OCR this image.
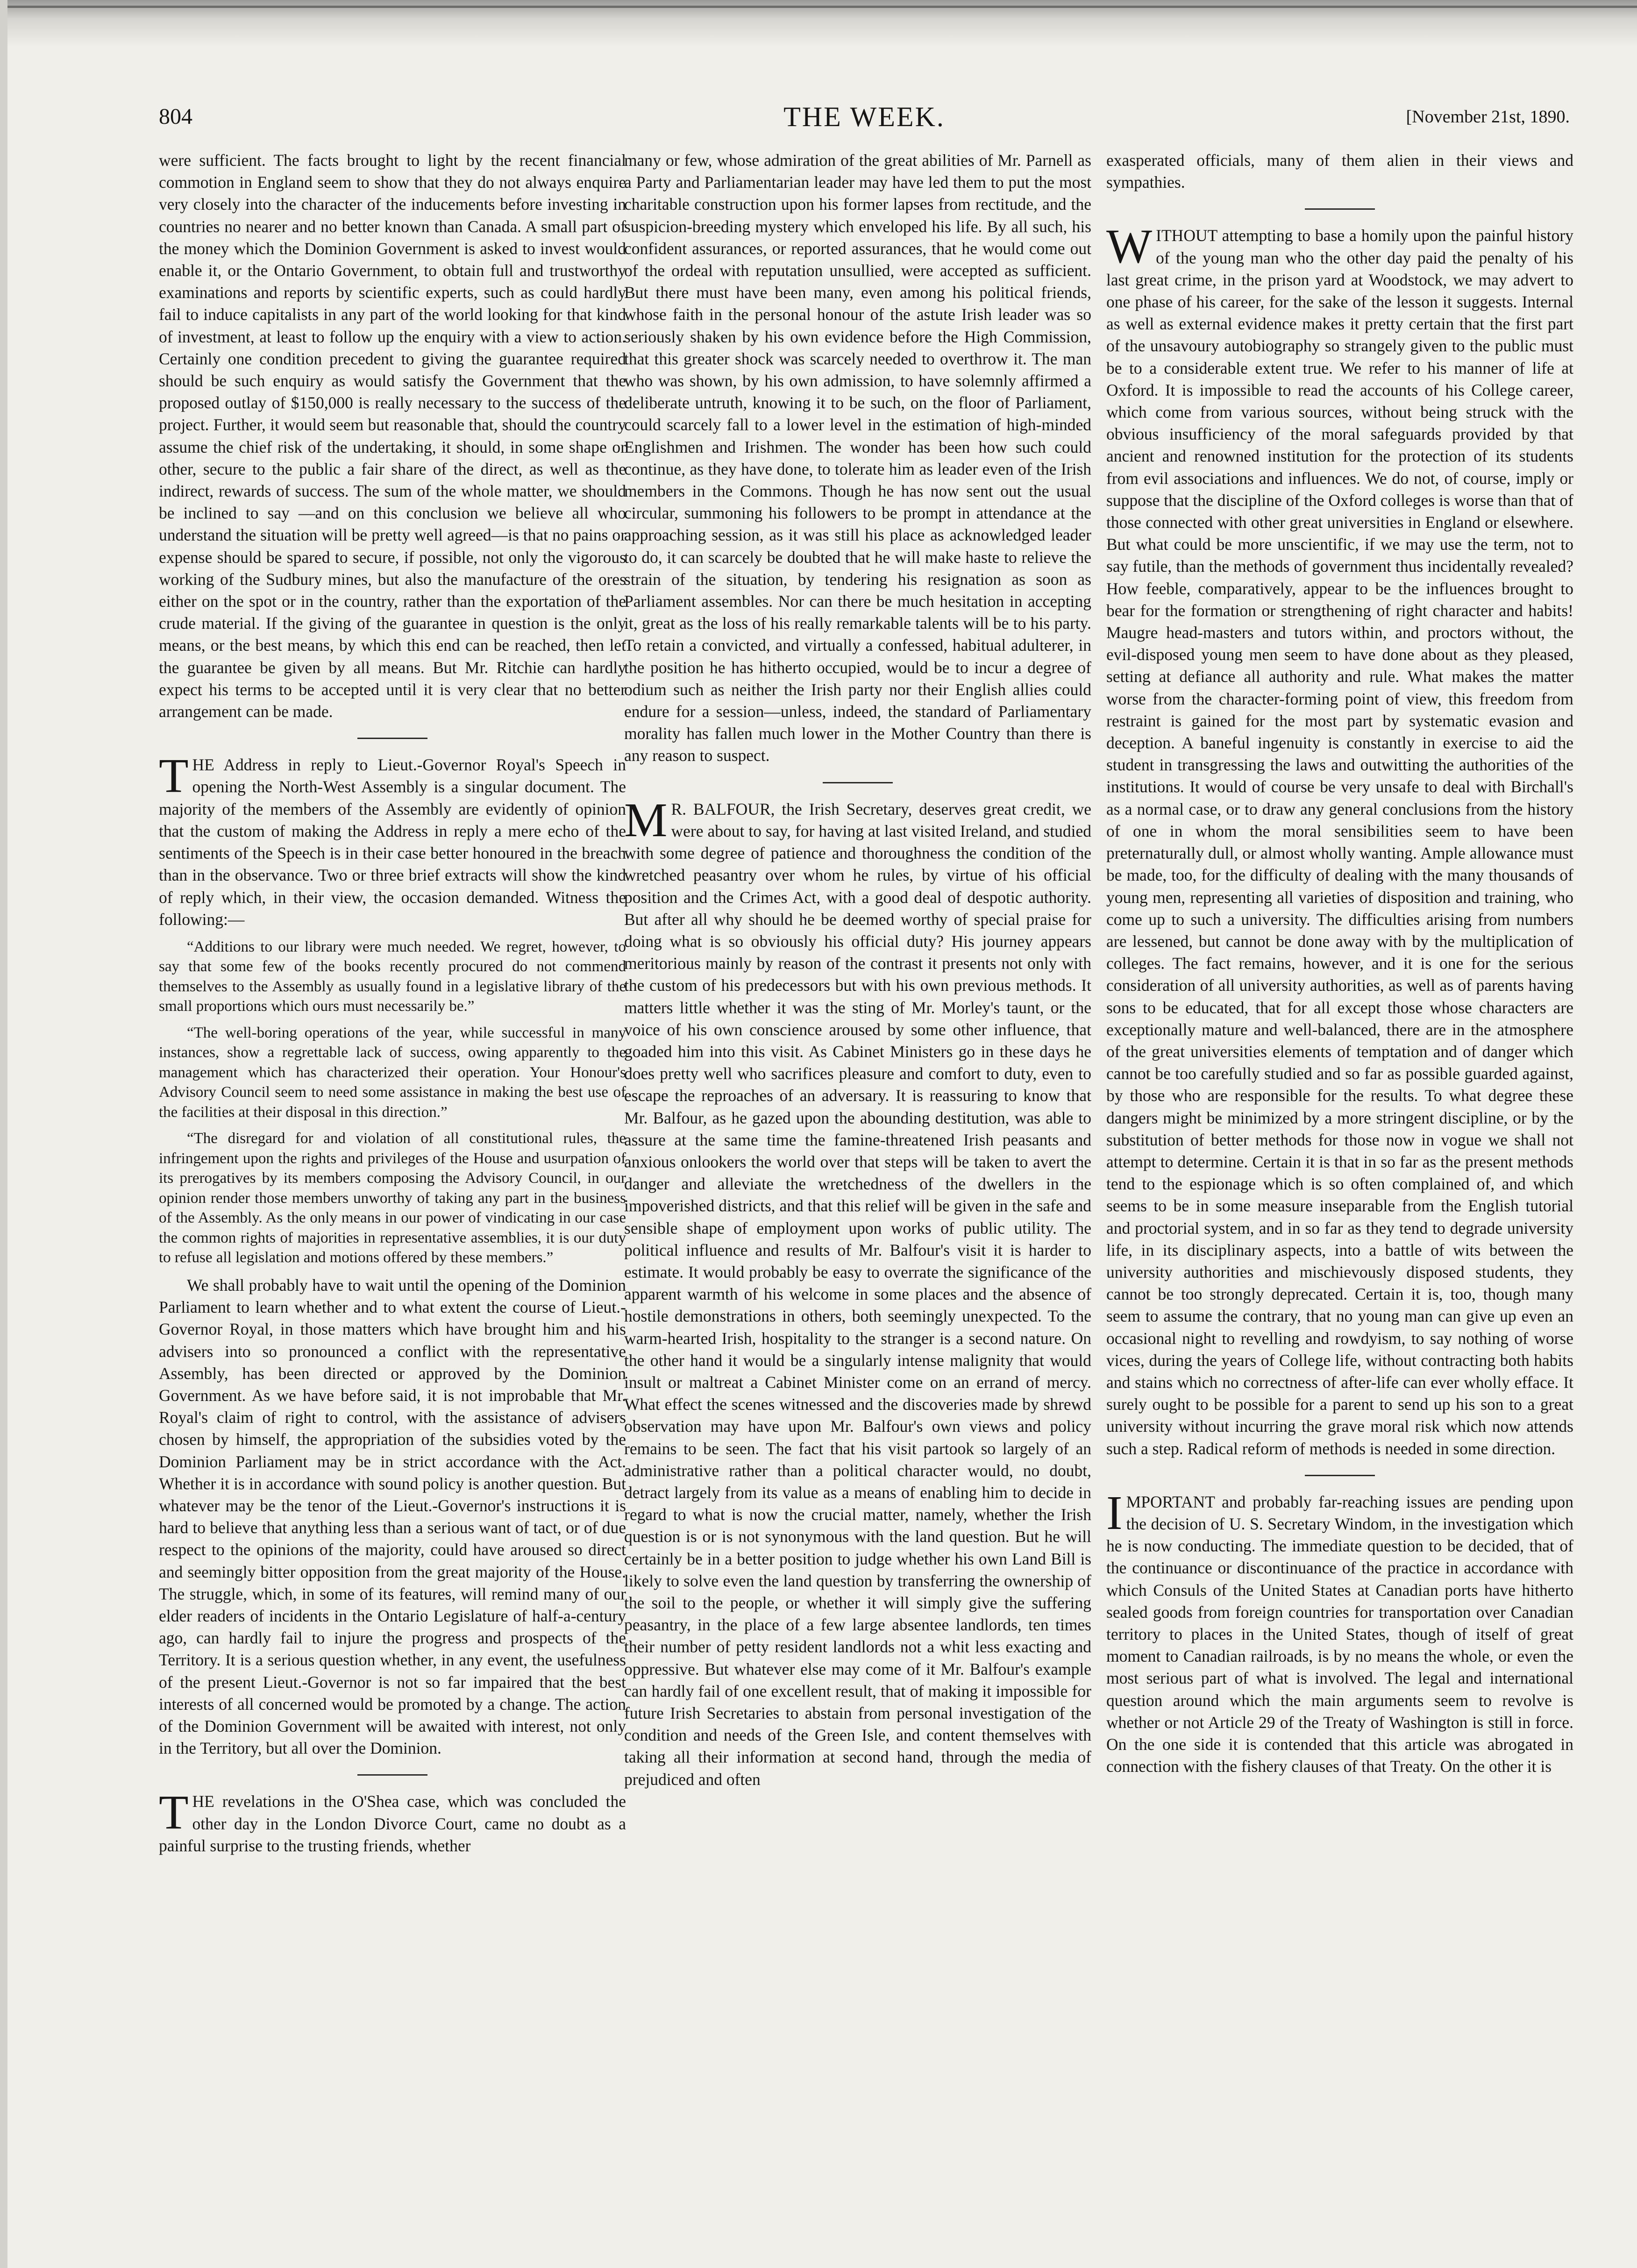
804	THE WEEK.	[November 21st, 1890.

were sufficient. The facts brought to light by the recent financial commotion in England seem to show that they do not always enquire very closely into the character of the inducements before investing in countries no nearer and no better known than Canada. A small part of the money which the Dominion Government is asked to invest would enable it, or the Ontario Government, to obtain full and trustworthy examinations and reports by scientific experts, such as could hardly fail to induce capitalists in any part of the world looking for that kind of investment, at least to follow up the enquiry with a view to action. Certainly one condition precedent to giving the guarantee required should be such enquiry as would satisfy the Government that the proposed outlay of $150,000 is really necessary to the success of the project. Further, it would seem but reasonable that, should the country assume the chief risk of the undertaking, it should, in some shape or other, secure to the public a fair share of the direct, as well as the indirect, rewards of success. The sum of the whole matter, we should be inclined to say —and on this conclusion we believe all who understand the situation will be pretty well agreed—is that no pains or expense should be spared to secure, if possible, not only the vigorous working of the Sudbury mines, but also the manufacture of the ores either on the spot or in the country, rather than the exportation of the crude material. If the giving of the guarantee in question is the only means, or the best means, by which this end can be reached, then let the guarantee be given by all means. But Mr. Ritchie can hardly expect his terms to be accepted until it is very clear that no better arrangement can be made.

THE Address in reply to Lieut.-Governor Royal's Speech in opening the North-West Assembly is a singular document. The majority of the members of the Assembly are evidently of opinion that the custom of making the Address in reply a mere echo of the sentiments of the Speech is in their case better honoured in the breach than in the observance. Two or three brief extracts will show the kind of reply which, in their view, the occasion demanded. Witness the following:—

“Additions to our library were much needed. We regret, however, to say that some few of the books recently procured do not commend themselves to the Assembly as usually found in a legislative library of the small proportions which ours must necessarily be.”

“The well-boring operations of the year, while successful in many instances, show a regrettable lack of success, owing apparently to the management which has characterized their operation. Your Honour's Advisory Council seem to need some assistance in making the best use of the facilities at their disposal in this direction.”

“The disregard for and violation of all constitutional rules, the infringement upon the rights and privileges of the House and usurpation of its prerogatives by its members composing the Advisory Council, in our opinion render those members unworthy of taking any part in the business of the Assembly. As the only means in our power of vindicating in our case the common rights of majorities in representative assemblies, it is our duty to refuse all legislation and motions offered by these members.”

We shall probably have to wait until the opening of the Dominion Parliament to learn whether and to what extent the course of Lieut.-Governor Royal, in those matters which have brought him and his advisers into so pronounced a conflict with the representative Assembly, has been directed or approved by the Dominion Government. As we have before said, it is not improbable that Mr. Royal's claim of right to control, with the assistance of advisers chosen by himself, the appropriation of the subsidies voted by the Dominion Parliament may be in strict accordance with the Act. Whether it is in accordance with sound policy is another question. But whatever may be the tenor of the Lieut.-Governor's instructions it is hard to believe that anything less than a serious want of tact, or of due respect to the opinions of the majority, could have aroused so direct and seemingly bitter opposition from the great majority of the House. The struggle, which, in some of its features, will remind many of our elder readers of incidents in the Ontario Legislature of half-a-century ago, can hardly fail to injure the progress and prospects of the Territory. It is a serious question whether, in any event, the usefulness of the present Lieut.-Governor is not so far impaired that the best interests of all concerned would be promoted by a change. The action of the Dominion Government will be awaited with interest, not only in the Territory, but all over the Dominion.

THE revelations in the O'Shea case, which was concluded the other day in the London Divorce Court, came no doubt as a painful surprise to the trusting friends, whether

many or few, whose admiration of the great abilities of Mr. Parnell as a Party and Parliamentarian leader may have led them to put the most charitable construction upon his former lapses from rectitude, and the suspicion-breeding mystery which enveloped his life. By all such, his confident assurances, or reported assurances, that he would come out of the ordeal with reputation unsullied, were accepted as sufficient. But there must have been many, even among his political friends, whose faith in the personal honour of the astute Irish leader was so seriously shaken by his own evidence before the High Commission, that this greater shock was scarcely needed to overthrow it. The man who was shown, by his own admission, to have solemnly affirmed a deliberate untruth, knowing it to be such, on the floor of Parliament, could scarcely fall to a lower level in the estimation of high-minded Englishmen and Irishmen. The wonder has been how such could continue, as they have done, to tolerate him as leader even of the Irish members in the Commons. Though he has now sent out the usual circular, summoning his followers to be prompt in attendance at the approaching session, as it was still his place as acknowledged leader to do, it can scarcely be doubted that he will make haste to relieve the strain of the situation, by tendering his resignation as soon as Parliament assembles. Nor can there be much hesitation in accepting it, great as the loss of his really remarkable talents will be to his party. To retain a convicted, and virtually a confessed, habitual adulterer, in the position he has hitherto occupied, would be to incur a degree of odium such as neither the Irish party nor their English allies could endure for a session—unless, indeed, the standard of Parliamentary morality has fallen much lower in the Mother Country than there is any reason to suspect.

M R. BALFOUR, the Irish Secretary, deserves great credit, we were about to say, for having at last visited Ireland, and studied with some degree of patience and thoroughness the condition of the wretched peasantry over whom he rules, by virtue of his official position and the Crimes Act, with a good deal of despotic authority. But after all why should he be deemed worthy of special praise for doing what is so obviously his official duty? His journey appears meritorious mainly by reason of the contrast it presents not only with the custom of his predecessors but with his own previous methods. It matters little whether it was the sting of Mr. Morley's taunt, or the voice of his own conscience aroused by some other influence, that goaded him into this visit. As Cabinet Ministers go in these days he does pretty well who sacrifices pleasure and comfort to duty, even to escape the reproaches of an adversary. It is reassuring to know that Mr. Balfour, as he gazed upon the abounding destitution, was able to assure at the same time the famine-threatened Irish peasants and anxious onlookers the world over that steps will be taken to avert the danger and alleviate the wretchedness of the dwellers in the impoverished districts, and that this relief will be given in the safe and sensible shape of employment upon works of public utility. The political influence and results of Mr. Balfour's visit it is harder to estimate. It would probably be easy to overrate the significance of the apparent warmth of his welcome in some places and the absence of hostile demonstrations in others, both seemingly unexpected. To the warm-hearted Irish, hospitality to the stranger is a second nature. On the other hand it would be a singularly intense malignity that would insult or maltreat a Cabinet Minister come on an errand of mercy. What effect the scenes witnessed and the discoveries made by shrewd observation may have upon Mr. Balfour's own views and policy remains to be seen. The fact that his visit partook so largely of an administrative rather than a political character would, no doubt, detract largely from its value as a means of enabling him to decide in regard to what is now the crucial matter, namely, whether the Irish question is or is not synonymous with the land question. But he will certainly be in a better position to judge whether his own Land Bill is likely to solve even the land question by transferring the ownership of the soil to the people, or whether it will simply give the suffering peasantry, in the place of a few large absentee landlords, ten times their number of petty resident landlords not a whit less exacting and oppressive. But whatever else may come of it Mr. Balfour's example can hardly fail of one excellent result, that of making it impossible for future Irish Secretaries to abstain from personal investigation of the condition and needs of the Green Isle, and content themselves with taking all their information at second hand, through the media of prejudiced and often

exasperated officials, many of them alien in their views and sympathies.

WITHOUT attempting to base a homily upon the painful history of the young man who the other day paid the penalty of his last great crime, in the prison yard at Woodstock, we may advert to one phase of his career, for the sake of the lesson it suggests. Internal as well as external evidence makes it pretty certain that the first part of the unsavoury autobiography so strangely given to the public must be to a considerable extent true. We refer to his manner of life at Oxford. It is impossible to read the accounts of his College career, which come from various sources, without being struck with the obvious insufficiency of the moral safeguards provided by that ancient and renowned institution for the protection of its students from evil associations and influences. We do not, of course, imply or suppose that the discipline of the Oxford colleges is worse than that of those connected with other great universities in England or elsewhere. But what could be more unscientific, if we may use the term, not to say futile, than the methods of government thus incidentally revealed? How feeble, comparatively, appear to be the influences brought to bear for the formation or strengthening of right character and habits! Maugre head-masters and tutors within, and proctors without, the evil-disposed young men seem to have done about as they pleased, setting at defiance all authority and rule. What makes the matter worse from the character-forming point of view, this freedom from restraint is gained for the most part by systematic evasion and deception. A baneful ingenuity is constantly in exercise to aid the student in transgressing the laws and outwitting the authorities of the institutions. It would of course be very unsafe to deal with Birchall's as a normal case, or to draw any general conclusions from the history of one in whom the moral sensibilities seem to have been preternaturally dull, or almost wholly wanting. Ample allowance must be made, too, for the difficulty of dealing with the many thousands of young men, representing all varieties of disposition and training, who come up to such a university. The difficulties arising from numbers are lessened, but cannot be done away with by the multiplication of colleges. The fact remains, however, and it is one for the serious consideration of all university authorities, as well as of parents having sons to be educated, that for all except those whose characters are exceptionally mature and well-balanced, there are in the atmosphere of the great universities elements of temptation and of danger which cannot be too carefully studied and so far as possible guarded against, by those who are responsible for the results. To what degree these dangers might be minimized by a more stringent discipline, or by the substitution of better methods for those now in vogue we shall not attempt to determine. Certain it is that in so far as the present methods tend to the espionage which is so often complained of, and which seems to be in some measure inseparable from the English tutorial and proctorial system, and in so far as they tend to degrade university life, in its disciplinary aspects, into a battle of wits between the university authorities and mischievously disposed students, they cannot be too strongly deprecated. Certain it is, too, though many seem to assume the contrary, that no young man can give up even an occasional night to revelling and rowdyism, to say nothing of worse vices, during the years of College life, without contracting both habits and stains which no correctness of after-life can ever wholly efface. It surely ought to be possible for a parent to send up his son to a great university without incurring the grave moral risk which now attends such a step. Radical reform of methods is needed in some direction.

IMPORTANT and probably far-reaching issues are pending upon the decision of U. S. Secretary Windom, in the investigation which he is now conducting. The immediate question to be decided, that of the continuance or discontinuance of the practice in accordance with which Consuls of the United States at Canadian ports have hitherto sealed goods from foreign countries for transportation over Canadian territory to places in the United States, though of itself of great moment to Canadian railroads, is by no means the whole, or even the most serious part of what is involved. The legal and international question around which the main arguments seem to revolve is whether or not Article 29 of the Treaty of Washington is still in force. On the one side it is contended that this article was abrogated in connection with the fishery clauses of that Treaty. On the other it is
